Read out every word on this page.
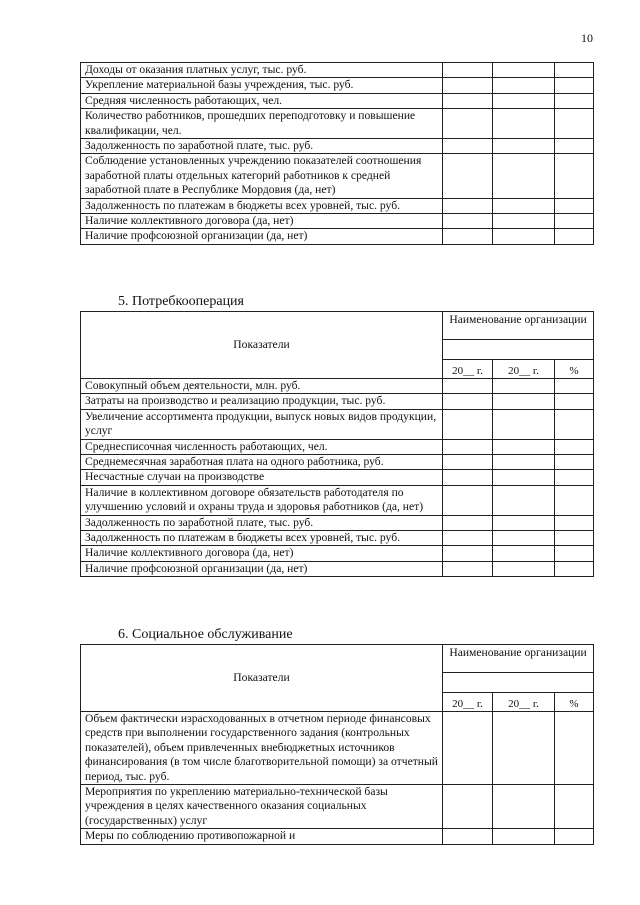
10
Доходы от оказания платных услуг, тыс. руб.			
Укрепление материальной базы учреждения, тыс. руб.			
Средняя численность работающих, чел.			
Количество работников, прошедших переподготовку и повышение квалификации, чел.			
Задолженность по заработной плате, тыс. руб.			
Соблюдение установленных учреждению показателей соотношения заработной платы отдельных категорий работников к средней заработной плате в Республике Мордовия (да, нет)			
Задолженность по платежам в бюджеты всех уровней, тыс. руб.			
Наличие коллективного договора (да, нет)			
Наличие профсоюзной организации (да, нет)			
5. Потребкооперация
Показатели	Наименование организации		

	20__ г.	20__ г.	%
Совокупный объем деятельности, млн. руб.			
Затраты на производство и реализацию продукции, тыс. руб.			
Увеличение ассортимента продукции, выпуск новых видов продукции, услуг			
Среднесписочная численность работающих, чел.			
Среднемесячная заработная плата на одного работника, руб.			
Несчастные случаи на производстве			
Наличие в коллективном договоре обязательств работодателя по улучшению условий и охраны труда и здоровья работников (да, нет)			
Задолженность по заработной плате, тыс. руб.			
Задолженность по платежам в бюджеты всех уровней, тыс. руб.			
Наличие коллективного договора (да, нет)			
Наличие профсоюзной организации (да, нет)			
6. Социальное обслуживание
Показатели	Наименование организации		

	20__ г.	20__ г.	%
Объем фактически израсходованных в отчетном периоде финансовых средств при выполнении государственного задания (контрольных показателей), объем привлеченных внебюджетных источников финансирования (в том числе благотворительной помощи) за отчетный период, тыс. руб.			
Мероприятия по укреплению материально-технической базы учреждения в целях качественного оказания социальных (государственных) услуг			
Меры по соблюдению противопожарной и			
